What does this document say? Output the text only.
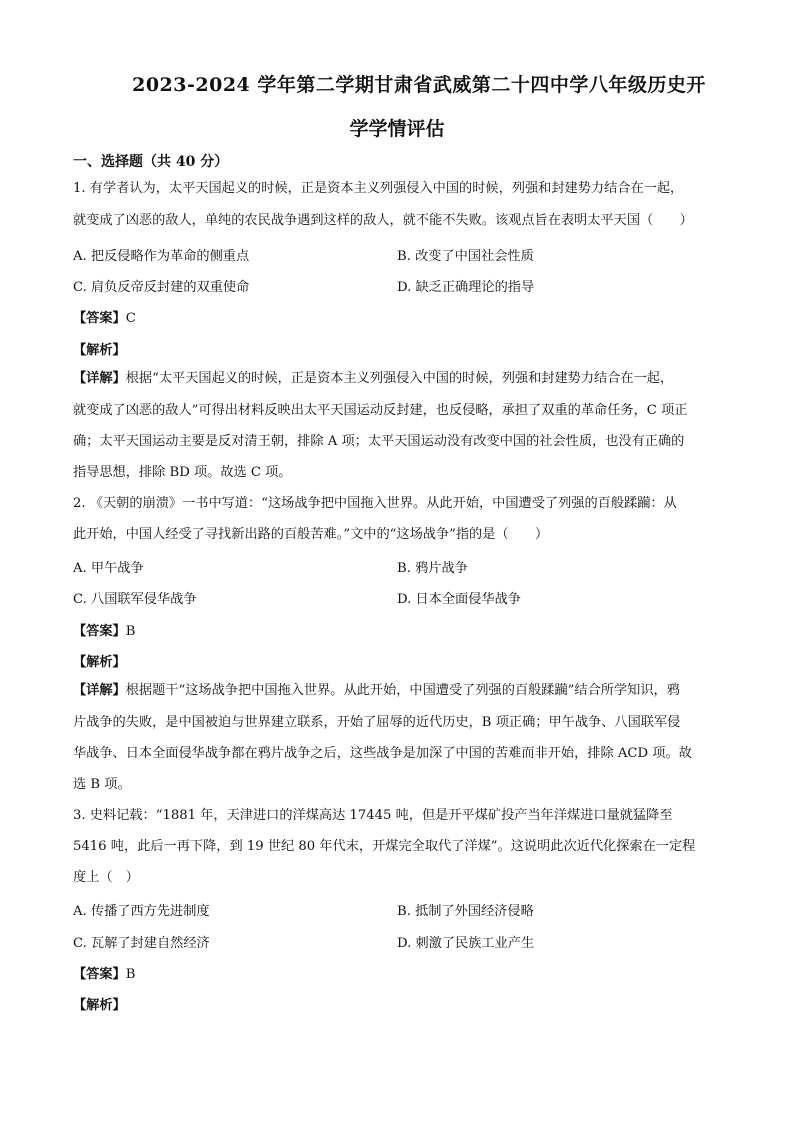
2023-2024 学年第二学期甘肃省武威第二十四中学八年级历史开
学学情评估
一、选择题（共 40 分）
1. 有学者认为，太平天国起义的时候，正是资本主义列强侵入中国的时候，列强和封建势力结合在一起，
就变成了凶恶的敌人，单纯的农民战争遇到这样的敌人，就不能不失败。该观点旨在表明太平天国（　　）
A. 把反侵略作为革命的侧重点	B. 改变了中国社会性质
C. 肩负反帝反封建的双重使命	D. 缺乏正确理论的指导
【答案】C
【解析】
【详解】根据“太平天国起义的时候，正是资本主义列强侵入中国的时候，列强和封建势力结合在一起，
就变成了凶恶的敌人”可得出材料反映出太平天国运动反封建，也反侵略，承担了双重的革命任务，C 项正
确；太平天国运动主要是反对清王朝，排除 A 项；太平天国运动没有改变中国的社会性质，也没有正确的
指导思想，排除 BD 项。故选 C 项。
2. 《天朝的崩溃》一书中写道：“这场战争把中国拖入世界。从此开始，中国遭受了列强的百般蹂躏：从
此开始，中国人经受了寻找新出路的百般苦难。”文中的“这场战争”指的是（　　）
A. 甲午战争	B. 鸦片战争
C. 八国联军侵华战争	D. 日本全面侵华战争
【答案】B
【解析】
【详解】根据题干“这场战争把中国拖入世界。从此开始，中国遭受了列强的百般蹂躏”结合所学知识，鸦
片战争的失败，是中国被迫与世界建立联系，开始了屈辱的近代历史，B 项正确；甲午战争、八国联军侵
华战争、日本全面侵华战争都在鸦片战争之后，这些战争是加深了中国的苦难而非开始，排除 ACD 项。故
选 B 项。
3. 史料记载：“1881 年，天津进口的洋煤高达 17445 吨，但是开平煤矿投产当年洋煤进口量就猛降至
5416 吨，此后一再下降，到 19 世纪 80 年代末，开煤完全取代了洋煤”。这说明此次近代化探索在一定程
度上（　）
A. 传播了西方先进制度	B. 抵制了外国经济侵略
C. 瓦解了封建自然经济	D. 刺激了民族工业产生
【答案】B
【解析】
